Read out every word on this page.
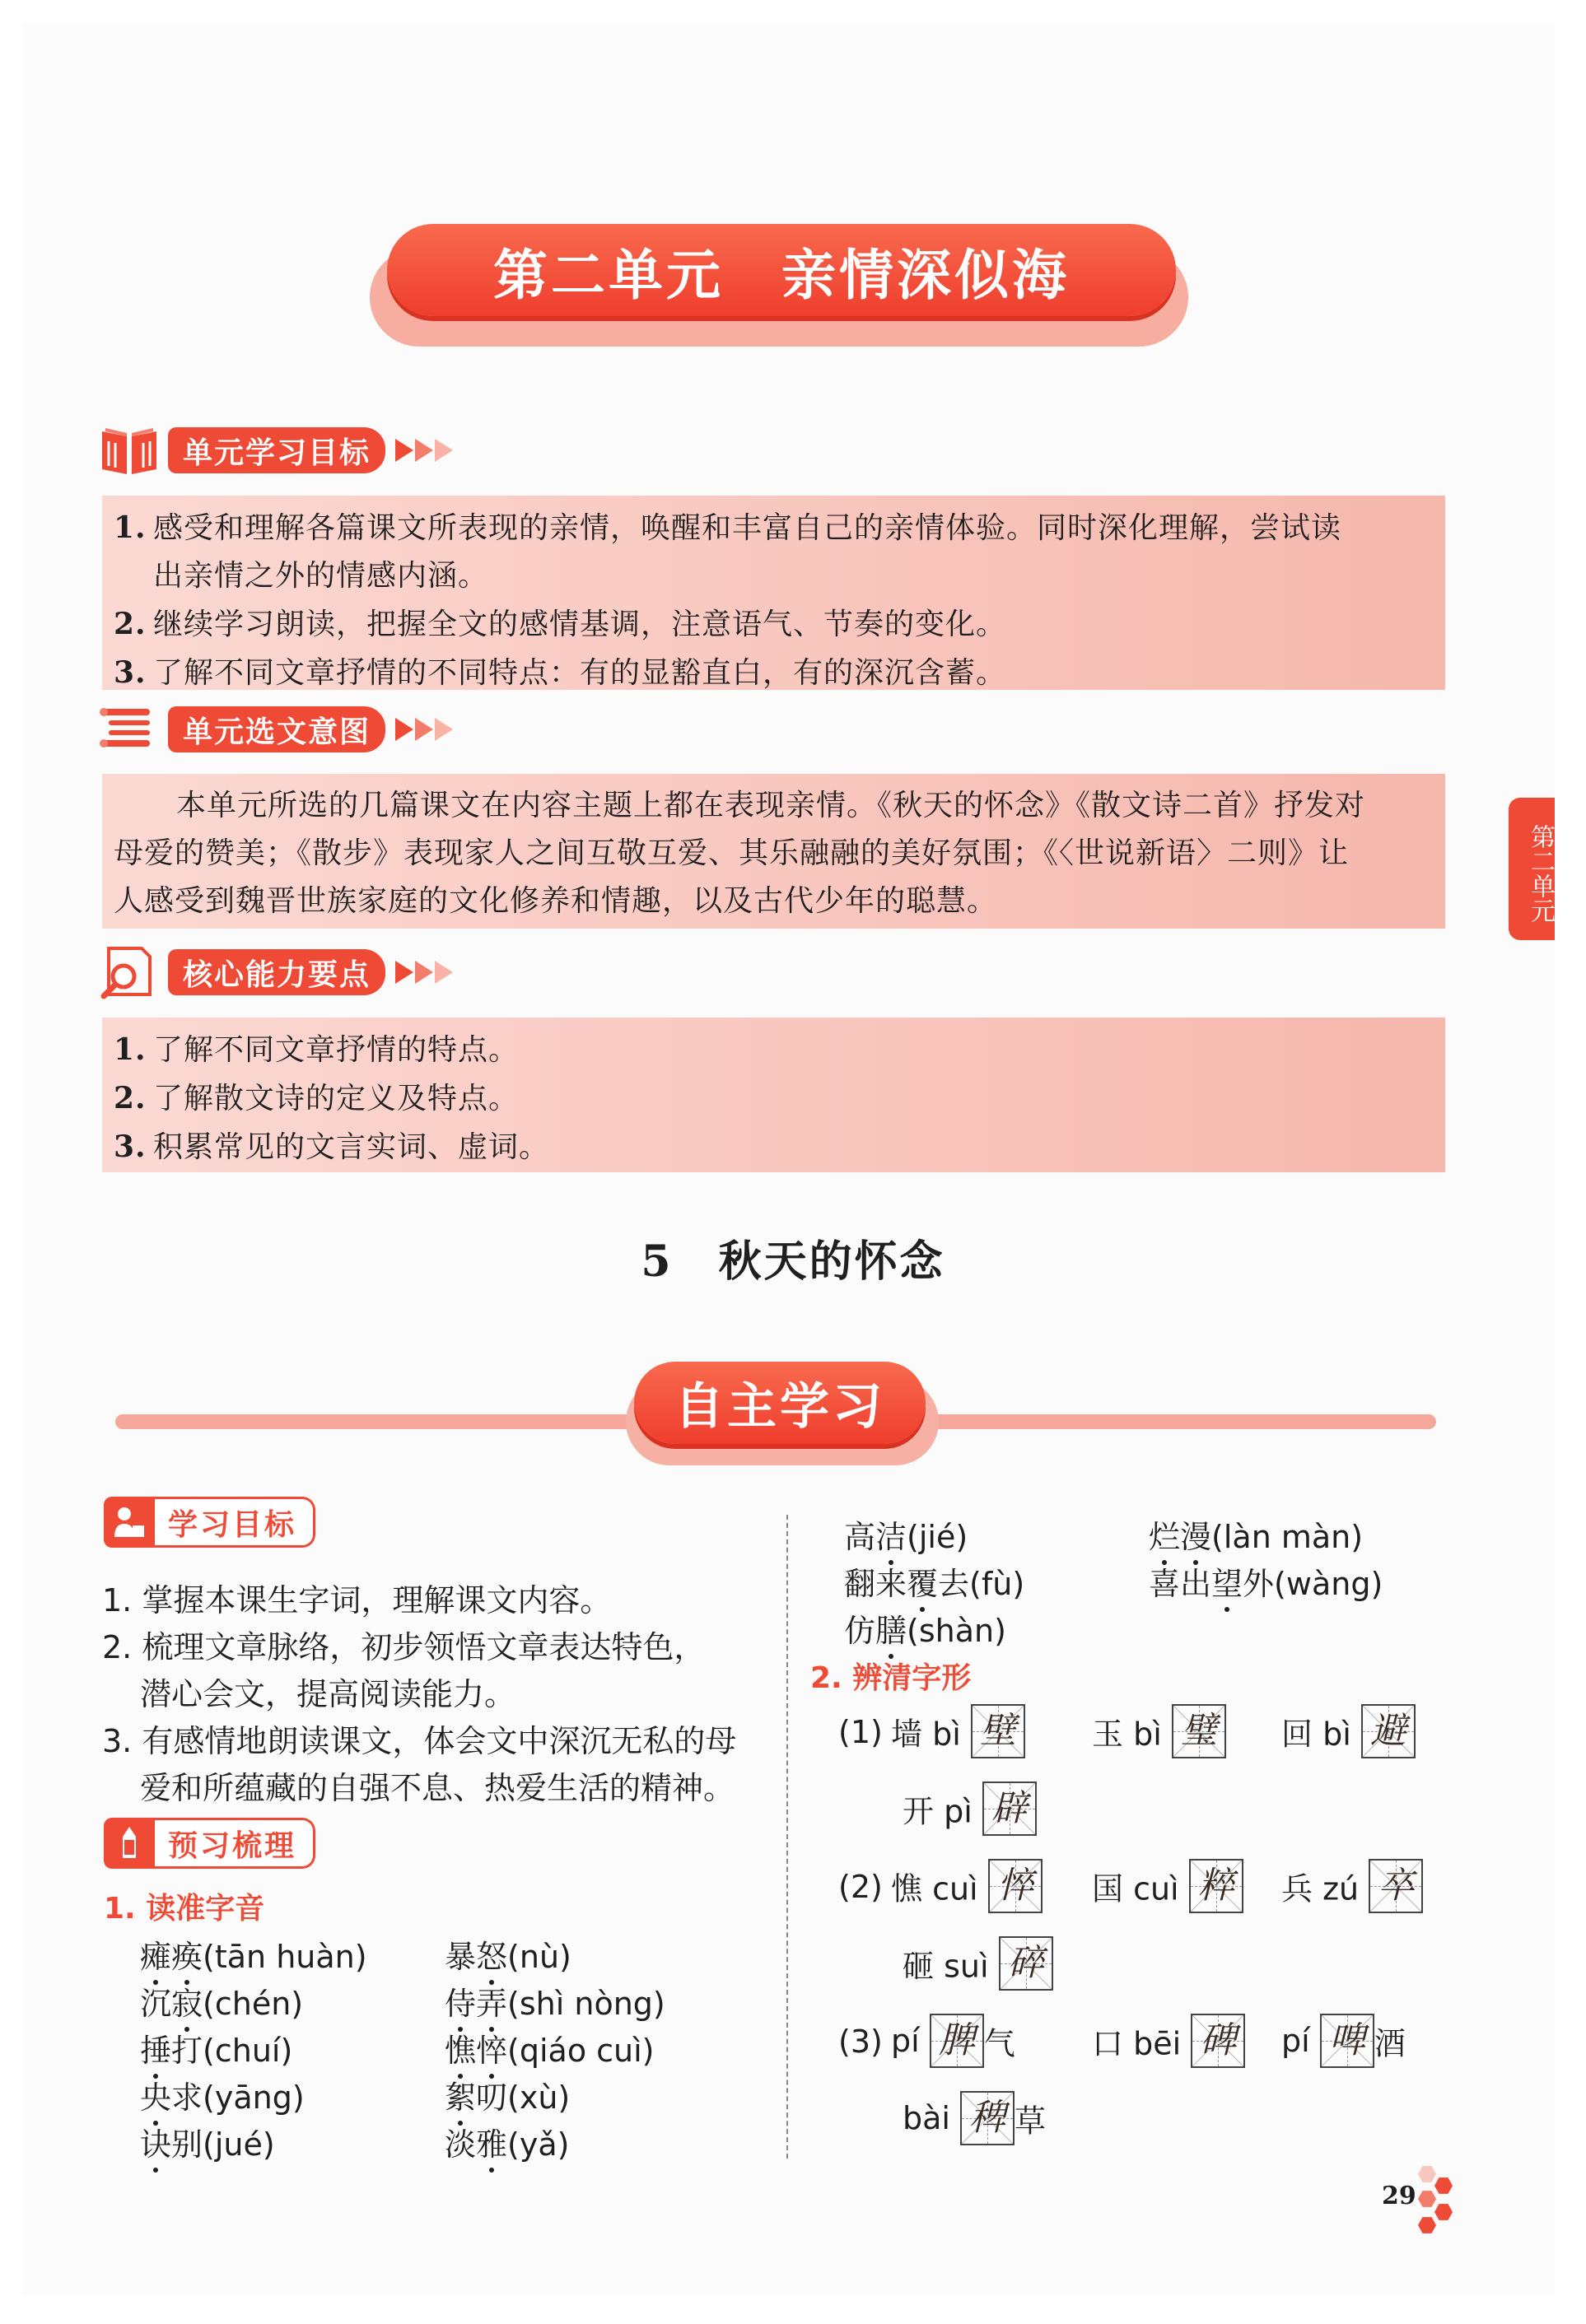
第二单元 亲情深似海
单元学习目标
1. 感受和理解各篇课文所表现的亲情，唤醒和丰富自己的亲情体验。同时深化理解，尝试读
出亲情之外的情感内涵。
2. 继续学习朗读，把握全文的感情基调，注意语气、节奏的变化。
3. 了解不同文章抒情的不同特点：有的显豁直白，有的深沉含蓄。
单元选文意图

本单元所选的几篇课文在内容主题上都在表现亲情。《秋天的怀念》《散文诗二首》抒发对

母爱的赞美；《散步》表现家人之间互敬互爱、其乐融融的美好氛围；《〈世说新语〉二则》让

人感受到魏晋世族家庭的文化修养和情趣，以及古代少年的聪慧。

核心能力要点
1. 了解不同文章抒情的特点。
2. 了解散文诗的定义及特点。
3. 积累常见的文言实词、虚词。
第二单元
5　秋天的怀念
自主学习
学习目标
1. 掌握本课生字词，理解课文内容。
2. 梳理文章脉络，初步领悟文章表达特色，
潜心会文，提高阅读能力。
3. 有感情地朗读课文，体会文中深沉无私的母
爱和所蕴藏的自强不息、热爱生活的精神。
预习梳理
1. 读准字音
2. 辨清字形
29
瘫痪(tān huàn)
沉寂(chén)
捶打(chuí)
央求(yāng)
诀别(jué)
暴怒(nù)
侍弄(shì nòng)
憔悴(qiáo cuì)
絮叨(xù)
淡雅(yǎ)
高洁(jié)
翻来覆去(fù)
仿膳(shàn)
烂漫(làn màn)
喜出望外(wàng)
(1) 墙 bì 壁 玉 bì 璧 回 bì 避
开 pì 辟
(2) 憔 cuì 悴 国 cuì 粹 兵 zú 卒
砸 suì 碎
(3) pí 脾 气 口 bēi 碑 pí 啤 酒
bài 稗 草
